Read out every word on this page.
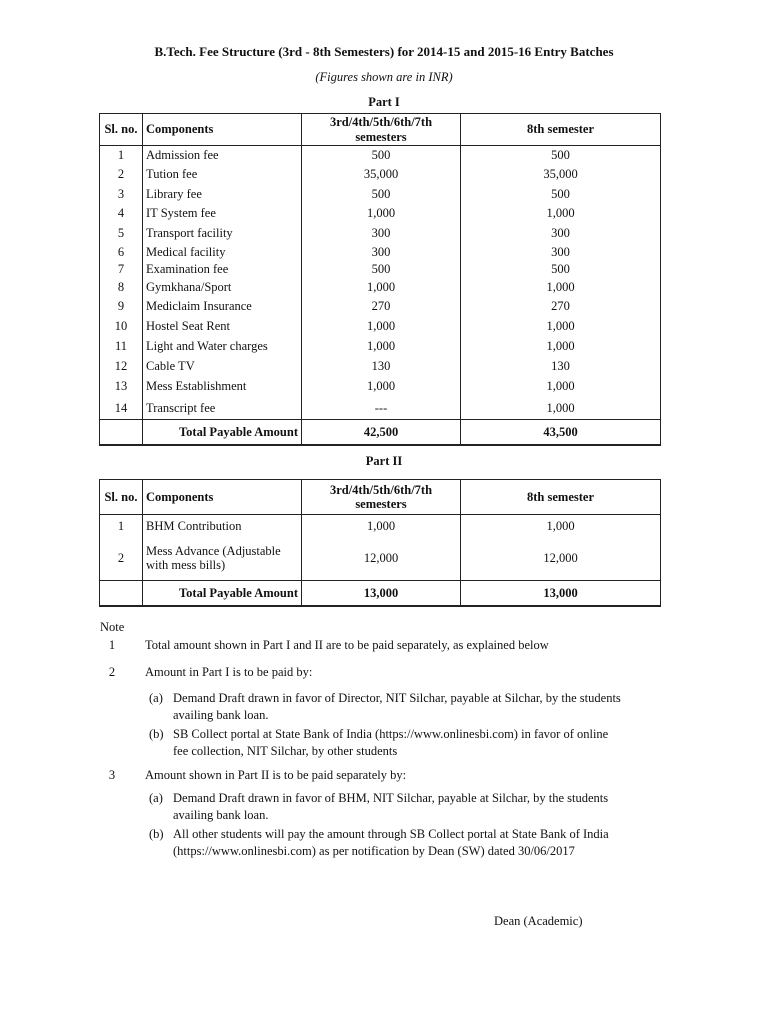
B.Tech. Fee Structure (3rd - 8th Semesters) for 2014-15 and 2015-16 Entry Batches
(Figures shown are in INR)
Part I
Sl. no.	Components	3rd/4th/5th/6th/7th semesters	8th semester
1	Admission fee	500	500
2	Tution fee	35,000	35,000
3	Library fee	500	500
4	IT System fee	1,000	1,000
5	Transport facility	300	300
6	Medical facility	300	300
7	Examination fee	500	500
8	Gymkhana/Sport	1,000	1,000
9	Mediclaim Insurance	270	270
10	Hostel Seat Rent	1,000	1,000
11	Light and Water charges	1,000	1,000
12	Cable TV	130	130
13	Mess Establishment	1,000	1,000
14	Transcript fee	---	1,000
	Total Payable Amount	42,500	43,500
Part II
Sl. no.	Components	3rd/4th/5th/6th/7th semesters	8th semester
1	BHM Contribution	1,000	1,000
2	Mess Advance (Adjustable with mess bills)	12,000	12,000
	Total Payable Amount	13,000	13,000
Note
1	Total amount shown in Part I and II are to be paid separately, as explained below
2	Amount in Part I is to be paid by:
(a) Demand Draft drawn in favor of Director, NIT Silchar, payable at Silchar, by the students availing bank loan.
(b) SB Collect portal at State Bank of India (https://www.onlinesbi.com) in favor of online fee collection, NIT Silchar, by other students
3	Amount shown in Part II is to be paid separately by:
(a) Demand Draft drawn in favor of BHM, NIT Silchar, payable at Silchar, by the students availing bank loan.
(b) All other students will pay the amount through SB Collect portal at State Bank of India (https://www.onlinesbi.com) as per notification by Dean (SW) dated 30/06/2017
Dean (Academic)
